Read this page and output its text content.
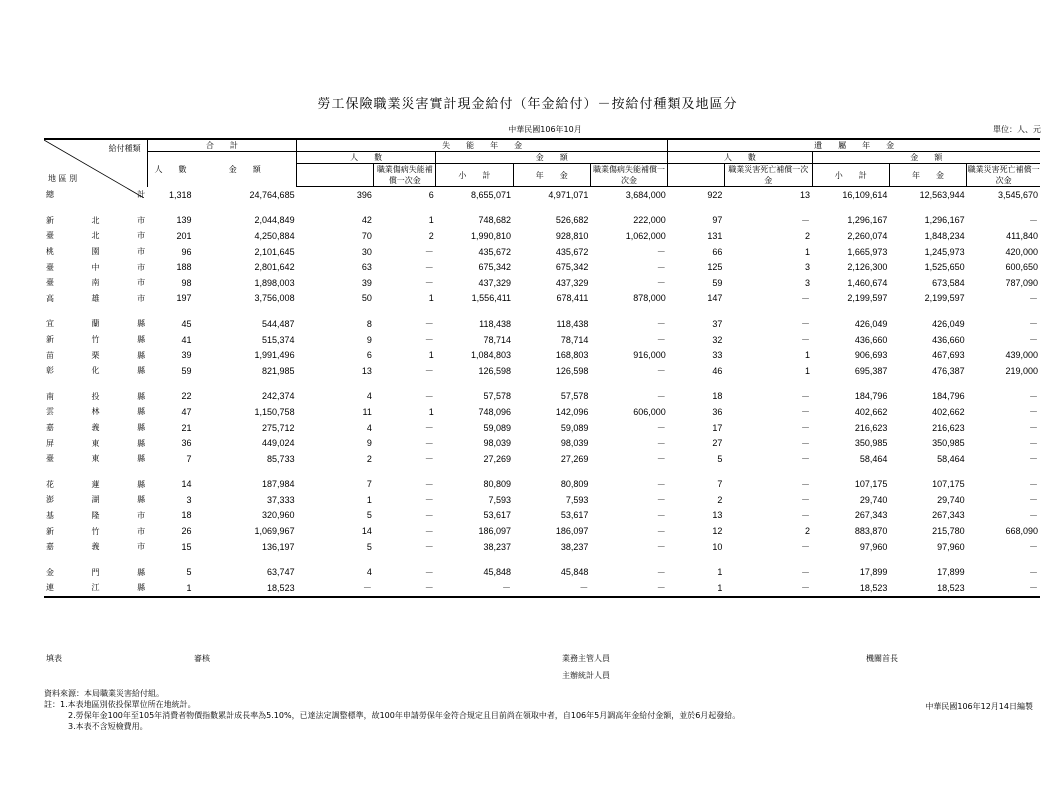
勞工保險職業災害實計現金給付（年金給付）－按給付種類及地區分
中華民國106年10月	單位：人、元
給付種類
地 區 別	合　　計		失　　能　　年　　金					遺　　屬　　年　　金				
	人　　數	金　　額	人　　數		金　　額			人　　數		金　　額		
				職業傷病失能補償一次金	小　　計	年　　金	職業傷病失能補償一次金		職業災害死亡補償一次金	小　　計	年　　金	職業災害死亡補償一次金
總計	1,318	24,764,685	396	6	8,655,071	4,971,071	3,684,000	922	13	16,109,614	12,563,944	3,545,670

新北市	139	2,044,849	42	1	748,682	526,682	222,000	97	－	1,296,167	1,296,167	－
臺北市	201	4,250,884	70	2	1,990,810	928,810	1,062,000	131	2	2,260,074	1,848,234	411,840
桃園市	96	2,101,645	30	－	435,672	435,672	－	66	1	1,665,973	1,245,973	420,000
臺中市	188	2,801,642	63	－	675,342	675,342	－	125	3	2,126,300	1,525,650	600,650
臺南市	98	1,898,003	39	－	437,329	437,329	－	59	3	1,460,674	673,584	787,090
高雄市	197	3,756,008	50	1	1,556,411	678,411	878,000	147	－	2,199,597	2,199,597	－

宜蘭縣	45	544,487	8	－	118,438	118,438	－	37	－	426,049	426,049	－
新竹縣	41	515,374	9	－	78,714	78,714	－	32	－	436,660	436,660	－
苗栗縣	39	1,991,496	6	1	1,084,803	168,803	916,000	33	1	906,693	467,693	439,000
彰化縣	59	821,985	13	－	126,598	126,598	－	46	1	695,387	476,387	219,000

南投縣	22	242,374	4	－	57,578	57,578	－	18	－	184,796	184,796	－
雲林縣	47	1,150,758	11	1	748,096	142,096	606,000	36	－	402,662	402,662	－
嘉義縣	21	275,712	4	－	59,089	59,089	－	17	－	216,623	216,623	－
屏東縣	36	449,024	9	－	98,039	98,039	－	27	－	350,985	350,985	－
臺東縣	7	85,733	2	－	27,269	27,269	－	5	－	58,464	58,464	－

花蓮縣	14	187,984	7	－	80,809	80,809	－	7	－	107,175	107,175	－
澎湖縣	3	37,333	1	－	7,593	7,593	－	2	－	29,740	29,740	－
基隆市	18	320,960	5	－	53,617	53,617	－	13	－	267,343	267,343	－
新竹市	26	1,069,967	14	－	186,097	186,097	－	12	2	883,870	215,780	668,090
嘉義市	15	136,197	5	－	38,237	38,237	－	10	－	97,960	97,960	－

金門縣	5	63,747	4	－	45,848	45,848	－	1	－	17,899	17,899	－
連江縣	1	18,523	－	－	－	－	－	1	－	18,523	18,523	－
填表	審核	業務主管人員
主辦統計人員
機關首長
資料來源：本局職業災害給付組。
註：1.本表地區別依投保單位所在地統計。
2.勞保年金100年至105年消費者物價指數累計成長率為5.10%，已達法定調整標準，故100年申請勞保年金符合規定且目前尚在領取中者，自106年5月調高年金給付金額，並於6月起發給。
3.本表不含短檢費用。
中華民國106年12月14日編製
